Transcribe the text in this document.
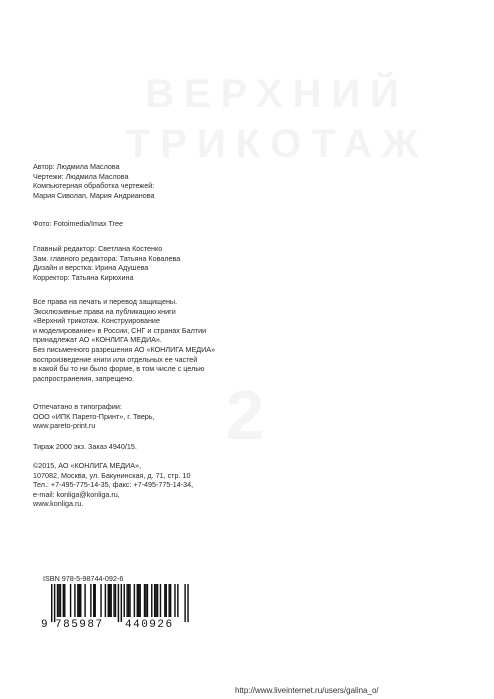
ВЕРХНИЙ
ТРИКОТАЖ
2
Автор: Людмила Маслова
Чертежи: Людмила Маслова
Компьютерная обработка чертежей:
Мария Сиволап, Мария Андрианова
Фото: Fotoimedia/Imax Tree
Главный редактор: Светлана Костенко
Зам. главного редактора: Татьяна Ковалева
Дизайн и верстка: Ирина Адушева
Корректор: Татьяна Кирюхина
Все права на печать и перевод защищены.
Эксклюзивные права на публикацию книги
«Верхний трикотаж. Конструирование
и моделирование» в России, СНГ и странах Балтии
принадлежат АО «КОНЛИГА МЕДИА».
Без письменного разрешения АО «КОНЛИГА МЕДИА»
воспроизведение книги или отдельных ее частей
в какой бы то ни было форме, в том числе с целью
распространения, запрещено.
Отпечатано в типографии:
ООО «ИПК Парето-Принт», г. Тверь,
www.pareto-print.ru
Тираж 2000 экз. Заказ 4940/15.
©2015, АО «КОНЛИГА МЕДИА»,
107082, Москва, ул. Бакунинская, д. 71, стр. 10
Тел.: +7-495-775-14-35, факс: +7-495-775-14-34,
e-mail: konliga@konliga.ru,
www.konliga.ru.
ISBN 978-5-98744-092-6
9 785987 440926
http://www.liveinternet.ru/users/galina_o/
